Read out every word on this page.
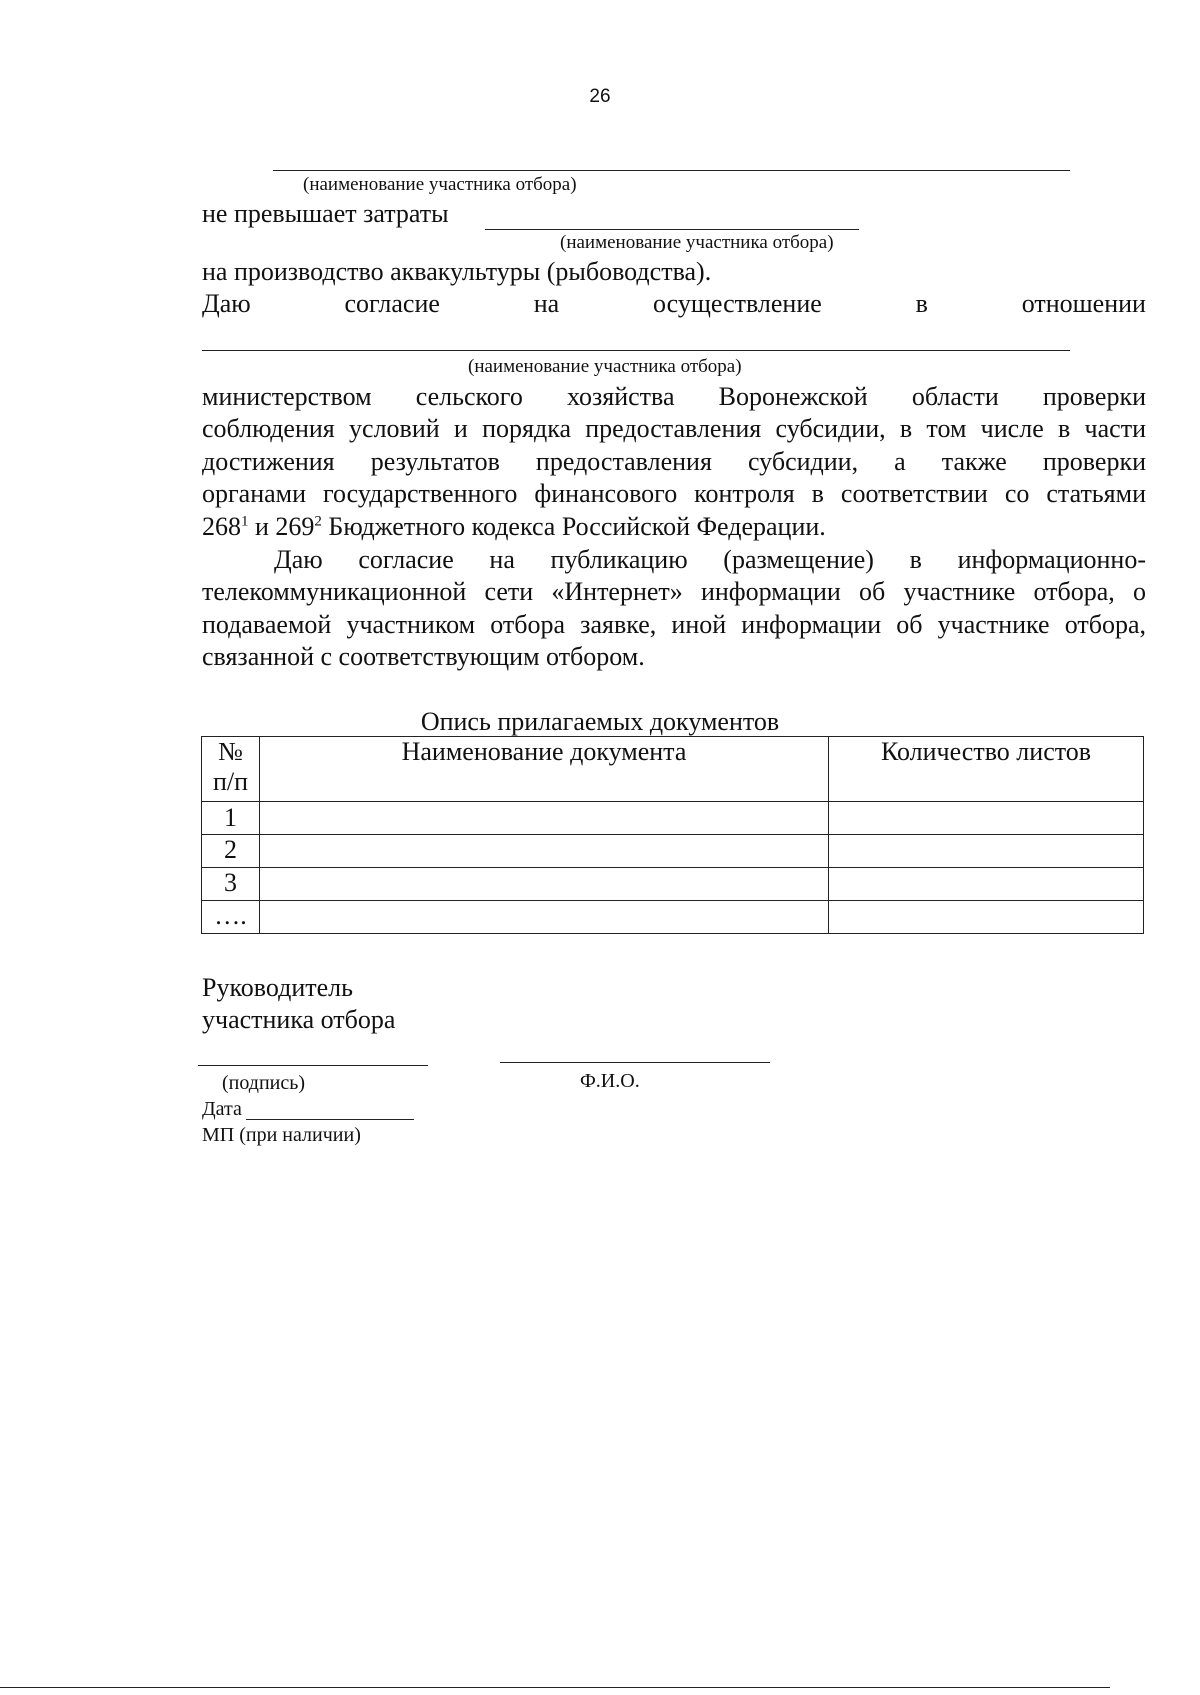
26
(наименование участника отбора)
не превышает затраты
(наименование участника отбора)
на производство аквакультуры (рыбоводства).
Даю	согласие	на	осуществление	в	отношении
(наименование участника отбора)
министерством сельского хозяйства Воронежской области проверки
соблюдения условий и порядка предоставления субсидии, в том числе в части
достижения результатов предоставления субсидии, а также проверки
органами государственного финансового контроля в соответствии со статьями
$268^1$ и $269^2$ Бюджетного кодекса Российской Федерации.
Даю согласие на публикацию (размещение) в информационно-
телекоммуникационной сети «Интернет» информации об участнике отбора, о
подаваемой участником отбора заявке, иной информации об участнике отбора,
связанной с соответствующим отбором.
Опись прилагаемых документов
№
п/п	Наименование документа	Количество листов
1		
2		
3		
….		
Руководитель
участника отбора
(подпись)	Ф.И.О.
Дата
МП (при наличии)
